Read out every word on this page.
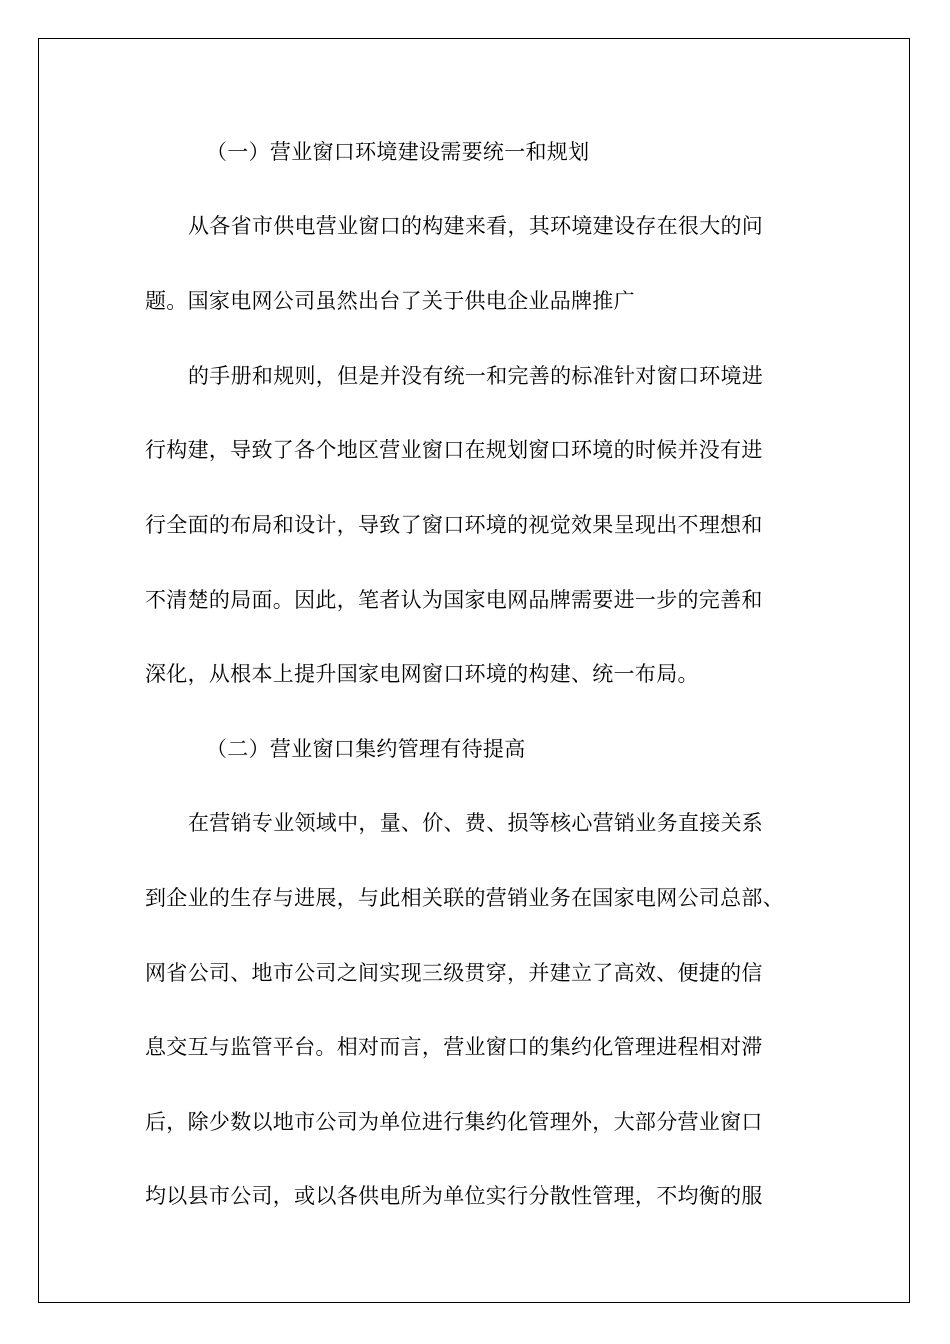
（一）营业窗口环境建设需要统一和规划
从各省市供电营业窗口的构建来看，其环境建设存在很大的问
题。国家电网公司虽然出台了关于供电企业品牌推广
的手册和规则，但是并没有统一和完善的标准针对窗口环境进
行构建，导致了各个地区营业窗口在规划窗口环境的时候并没有进
行全面的布局和设计，导致了窗口环境的视觉效果呈现出不理想和
不清楚的局面。因此，笔者认为国家电网品牌需要进一步的完善和
深化，从根本上提升国家电网窗口环境的构建、统一布局。
（二）营业窗口集约管理有待提高
在营销专业领域中，量、价、费、损等核心营销业务直接关系
到企业的生存与进展，与此相关联的营销业务在国家电网公司总部、
网省公司、地市公司之间实现三级贯穿，并建立了高效、便捷的信
息交互与监管平台。相对而言，营业窗口的集约化管理进程相对滞
后，除少数以地市公司为单位进行集约化管理外，大部分营业窗口
均以县市公司，或以各供电所为单位实行分散性管理，不均衡的服
